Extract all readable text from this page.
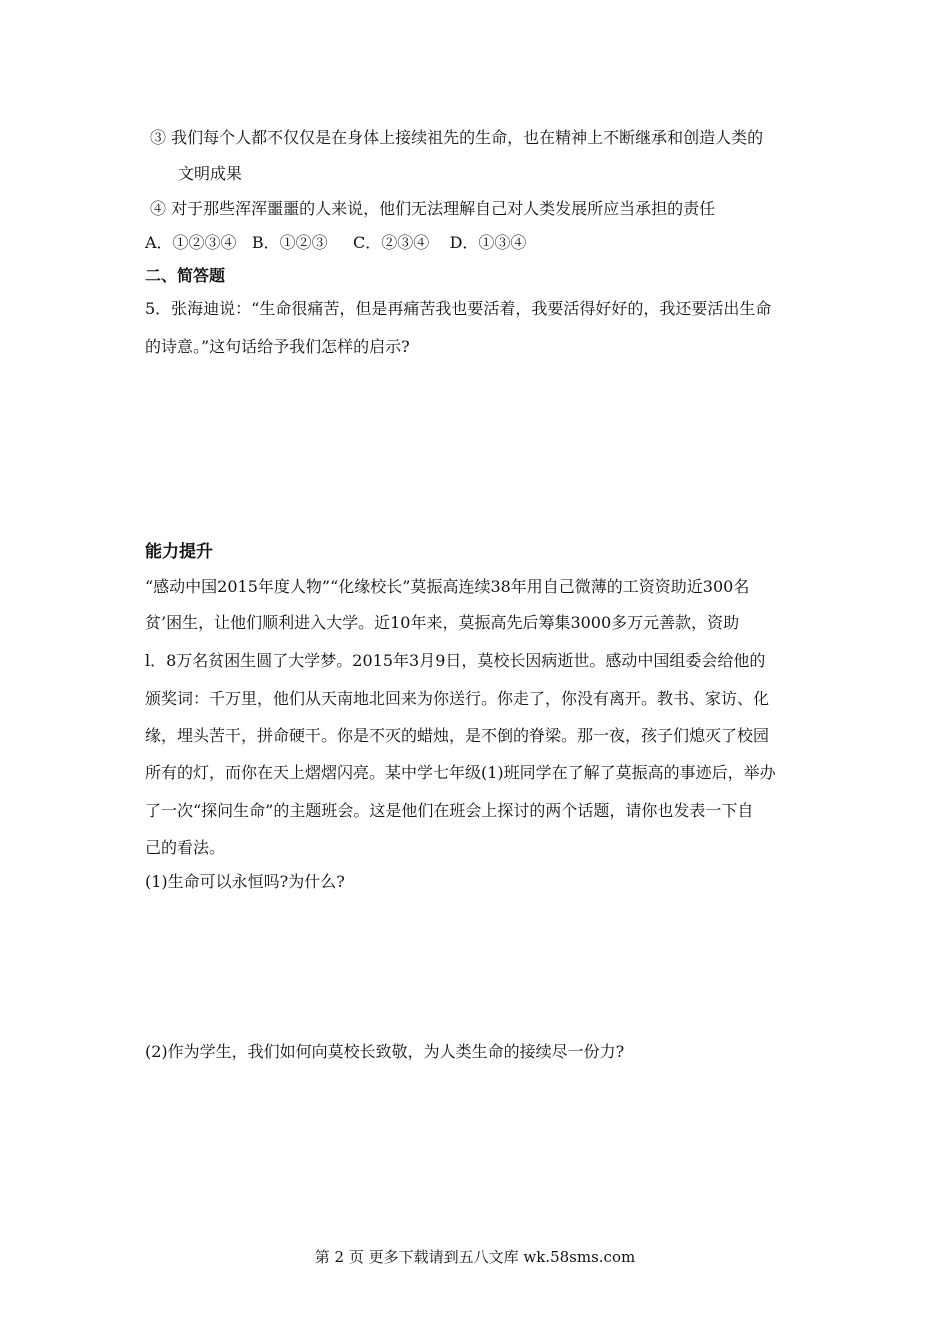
③ 我们每个人都不仅仅是在身体上接续祖先的生命，也在精神上不断继承和创造人类的
文明成果
④ 对于那些浑浑噩噩的人来说，他们无法理解自己对人类发展所应当承担的责任
A．①②③④   B．①②③     C．②③④    D．①③④
二、简答题
5．张海迪说：“生命很痛苦，但是再痛苦我也要活着，我要活得好好的，我还要活出生命
的诗意。”这句话给予我们怎样的启示?
能力提升
“感动中国2015年度人物”“化缘校长”莫振高连续38年用自己微薄的工资资助近300名
贫’困生，让他们顺利进入大学。近10年来，莫振高先后筹集3000多万元善款，资助
l．8万名贫困生圆了大学梦。2015年3月9日，莫校长因病逝世。感动中国组委会给他的
颁奖词：千万里，他们从天南地北回来为你送行。你走了，你没有离开。教书、家访、化
缘，埋头苦干，拼命硬干。你是不灭的蜡烛，是不倒的脊梁。那一夜，孩子们熄灭了校园
所有的灯，而你在天上熠熠闪亮。某中学七年级(1)班同学在了解了莫振高的事迹后，举办
了一次“探问生命”的主题班会。这是他们在班会上探讨的两个话题，请你也发表一下自
己的看法。
(1)生命可以永恒吗?为什么?
(2)作为学生，我们如何向莫校长致敬，为人类生命的接续尽一份力?
第 2 页 更多下载请到五八文库 wk.58sms.com
